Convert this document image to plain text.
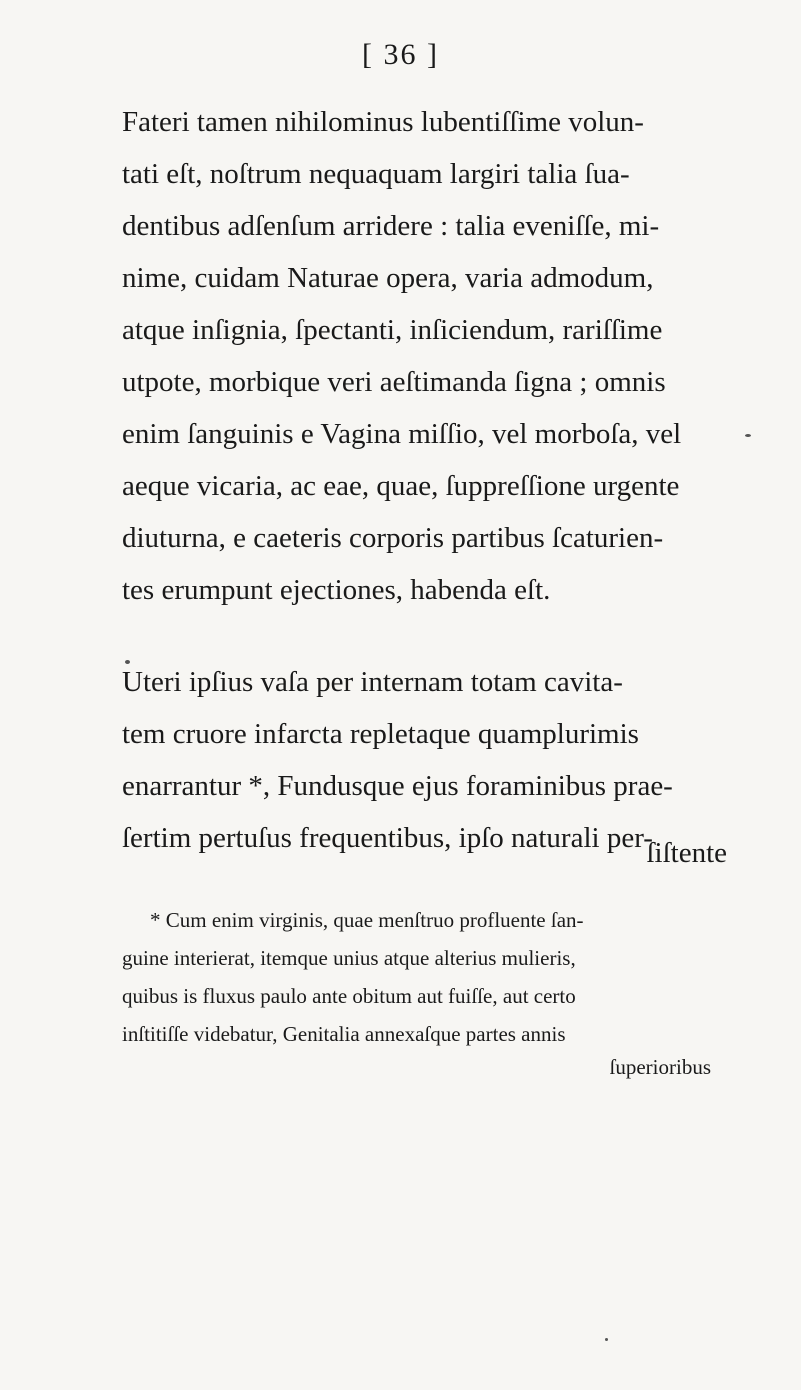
[ 36 ]
Fateri tamen nihilominus lubentiſſime volun-
tati eſt, noſtrum nequaquam largiri talia ſua-
dentibus adſenſum arridere : talia eveniſſe, mi-
nime, cuidam Naturae opera, varia admodum,
atque inſignia, ſpectanti, inſiciendum, rariſſime
utpote, morbique veri aeſtimanda ſigna ; omnis
enim ſanguinis e Vagina miſſio, vel morboſa, vel
aeque vicaria, ac eae, quae, ſuppreſſione urgente
diuturna, e caeteris corporis partibus ſcaturien-
tes erumpunt ejectiones, habenda eſt.
Uteri ipſius vaſa per internam totam cavita-
tem cruore infarcta repletaque quamplurimis
enarrantur *, Fundusque ejus foraminibus prae-
ſertim pertuſus frequentibus, ipſo naturali per-
ſiſtente
* Cum enim virginis, quae menſtruo profluente ſan-
guine interierat, itemque unius atque alterius mulieris,
quibus is fluxus paulo ante obitum aut fuiſſe, aut certo
inſtitiſſe videbatur, Genitalia annexaſque partes annis
ſuperioribus
